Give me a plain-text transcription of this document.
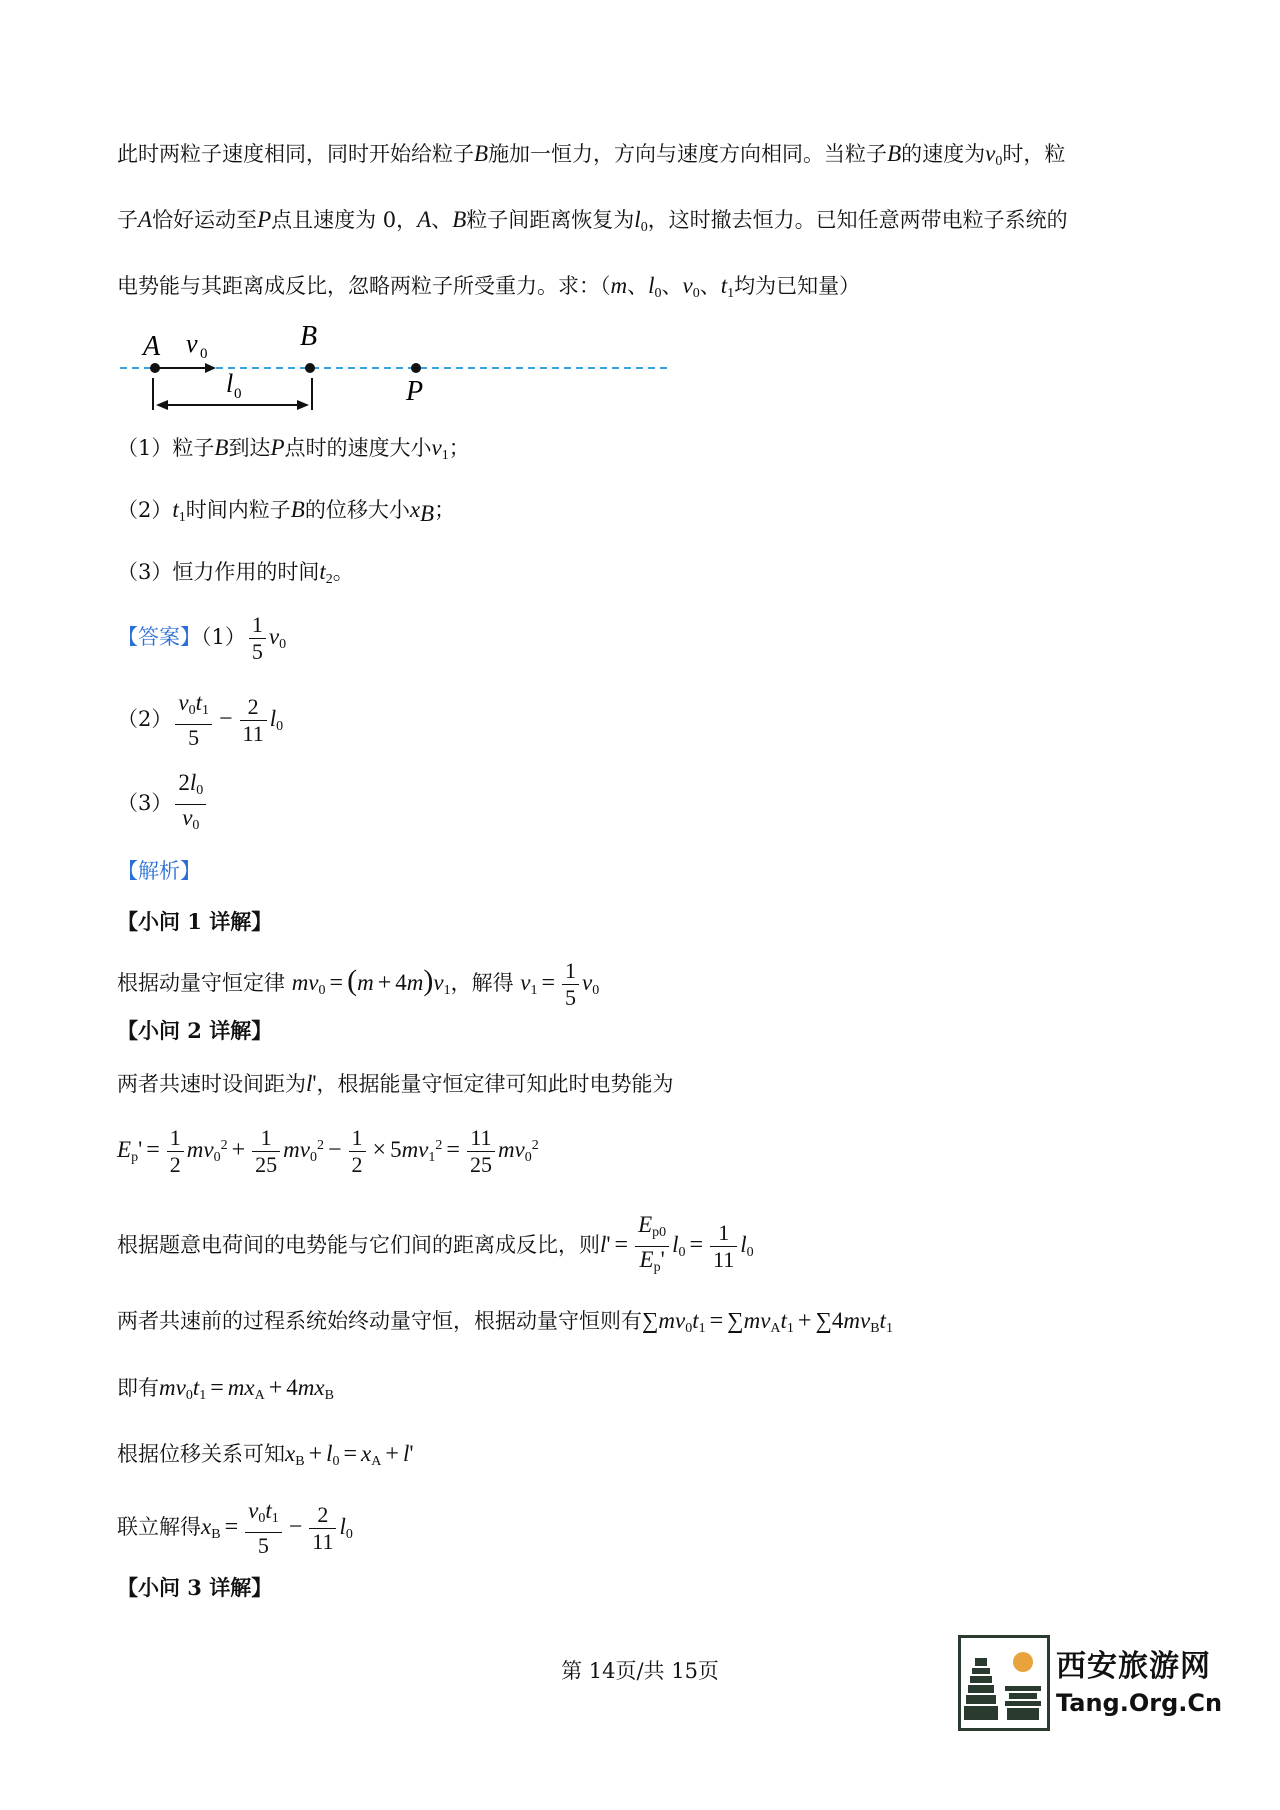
此时两粒子速度相同，同时开始给粒子B施加一恒力，方向与速度方向相同。当粒子B的速度为$v_0$时，粒
子A恰好运动至P点且速度为 0，A、B粒子间距离恢复为$l_0$，这时撤去恒力。已知任意两带电粒子系统的
电势能与其距离成反比，忽略两粒子所受重力。求：（m、$l_0$、$v_0$、$t_1$均为已知量）
A	B
P
v 0
l 0
（1）粒子B到达P点时的速度大小$v_1$；
$(2)t_1$时间内粒子B的位移大小$x_B$；
（3）恒力作用的时间$t_2$。
【答案】$(1) \frac{1}{5} v_0$
$(2) \frac{v_0t_1}{5} - \frac{2}{11} l_0$
$(3) \frac{2l_0}{v_0}$
【解析】
【小问 1 详解】
根据动量守恒定律 $mv_0 = (m + 4m)v_1$，解得 $v_1 = \frac{1}{5} v_0$
【小问 2 详解】
两者共速时设间距为l'，根据能量守恒定律可知此时电势能为
$E_p' = \frac{1}{2} mv_0^2 + \frac{1}{25} mv_0^2 - \frac{1}{2} \times 5mv_1^2 = \frac{11}{25} mv_0^2$
根据题意电荷间的电势能与它们间的距离成反比，则$l' = \frac{E_{p0}}{E_p'} l_0 = \frac{1}{11} l_0$
两者共速前的过程系统始终动量守恒，根据动量守恒则有$\sum mv_0t_1 = \sum mv_At_1 + \sum 4mv_Bt_1$
即有$mv_0t_1 = mx_A + 4mx_B$
根据位移关系可知$x_B + l_0 = x_A + l'$
联立解得$x_B = \frac{v_0t_1}{5} - \frac{2}{11} l_0$
【小问 3 详解】
第 14页/共 15页	西安旅游网
Tang.Org.Cn
